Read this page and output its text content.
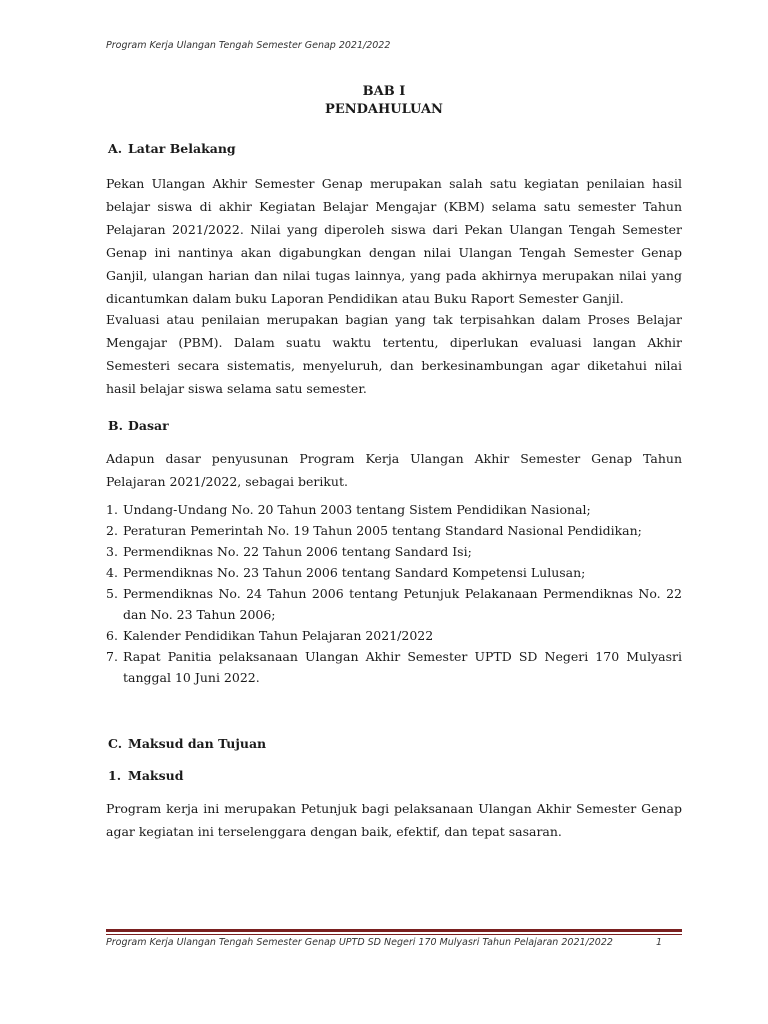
Program Kerja Ulangan Tengah Semester Genap 2021/2022
BAB I
PENDAHULUAN
A. Latar Belakang
Pekan Ulangan Akhir Semester Genap merupakan salah satu kegiatan penilaian hasil belajar siswa di akhir Kegiatan Belajar Mengajar (KBM) selama satu semester Tahun Pelajaran 2021/2022. Nilai yang diperoleh siswa dari Pekan Ulangan Tengah Semester Genap ini nantinya akan digabungkan dengan nilai Ulangan Tengah Semester Genap Ganjil, ulangan harian dan nilai tugas lainnya, yang pada akhirnya merupakan nilai yang dicantumkan dalam buku Laporan Pendidikan atau Buku Raport Semester Ganjil.
Evaluasi atau penilaian merupakan bagian yang tak terpisahkan dalam Proses Belajar Mengajar (PBM). Dalam suatu waktu tertentu, diperlukan evaluasi langan Akhir Semesteri secara sistematis, menyeluruh, dan berkesinambungan agar diketahui nilai hasil belajar siswa selama satu semester.
B. Dasar
Adapun dasar penyusunan Program Kerja Ulangan Akhir Semester Genap Tahun Pelajaran 2021/2022, sebagai berikut.
1. Undang-Undang No. 20 Tahun 2003 tentang Sistem Pendidikan Nasional;
2. Peraturan Pemerintah No. 19 Tahun 2005 tentang Standard Nasional Pendidikan;
3. Permendiknas No. 22 Tahun 2006 tentang Sandard Isi;
4. Permendiknas No. 23 Tahun 2006 tentang Sandard Kompetensi Lulusan;
5. Permendiknas No. 24 Tahun 2006 tentang Petunjuk Pelakanaan Permendiknas No. 22 dan No. 23 Tahun 2006;
6. Kalender Pendidikan Tahun Pelajaran 2021/2022
7. Rapat Panitia pelaksanaan Ulangan Akhir Semester UPTD SD Negeri 170 Mulyasri tanggal 10 Juni 2022.
C. Maksud dan Tujuan
1. Maksud
Program kerja ini merupakan Petunjuk bagi pelaksanaan Ulangan Akhir Semester Genap agar kegiatan ini terselenggara dengan baik, efektif, dan tepat sasaran.
Program Kerja Ulangan Tengah Semester Genap UPTD SD Negeri 170 Mulyasri Tahun Pelajaran 2021/2022	1
